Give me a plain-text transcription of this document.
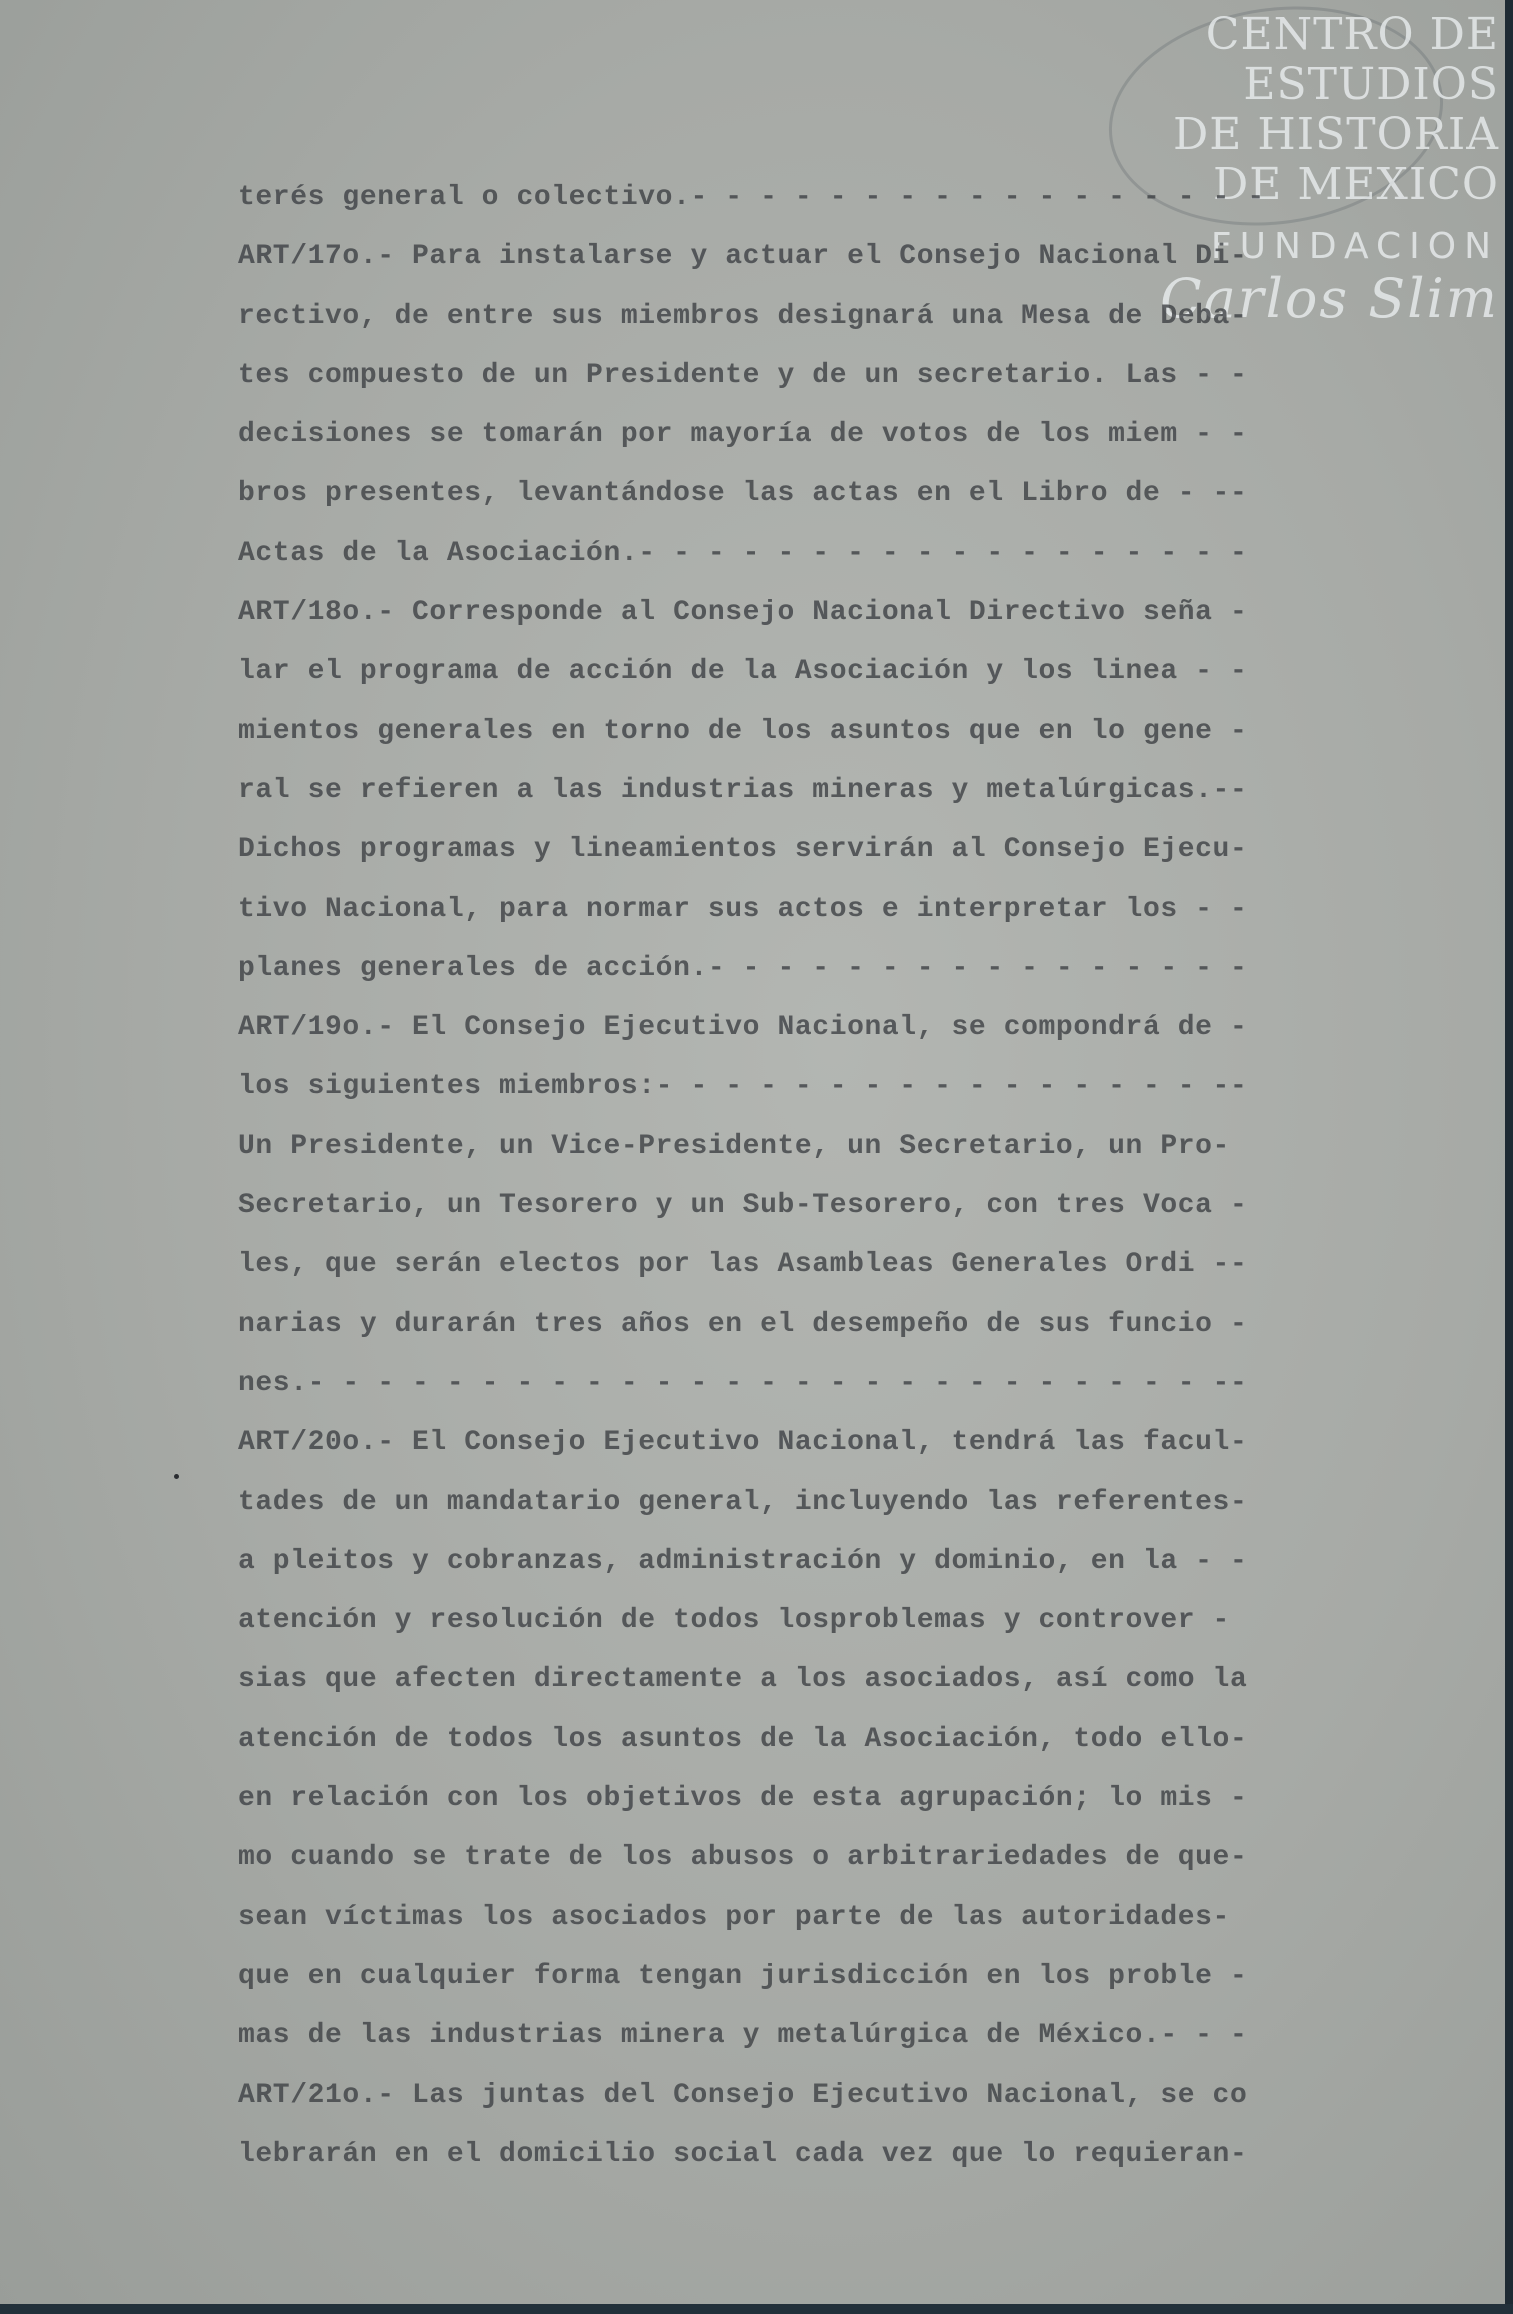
CENTRO DE
ESTUDIOS
DE HISTORIA
DE MEXICO
FUNDACION
Carlos Slim
terés general o colectivo.- - - - - - - - - - - - - - - - -
ART/17o.- Para instalarse y actuar el Consejo Nacional Di-
rectivo, de entre sus miembros designará una Mesa de Deba-
tes compuesto de un Presidente y de un secretario. Las - -
decisiones se tomarán por mayoría de votos de los miem - -
bros presentes, levantándose las actas en el Libro de - --
Actas de la Asociación.- - - - - - - - - - - - - - - - - -
ART/18o.- Corresponde al Consejo Nacional Directivo seña -
lar el programa de acción de la Asociación y los linea - -
mientos generales en torno de los asuntos que en lo gene -
ral se refieren a las industrias mineras y metalúrgicas.--
Dichos programas y lineamientos servirán al Consejo Ejecu-
tivo Nacional, para normar sus actos e interpretar los - -
planes generales de acción.- - - - - - - - - - - - - - - -
ART/19o.- El Consejo Ejecutivo Nacional, se compondrá de -
los siguientes miembros:- - - - - - - - - - - - - - - - --
Un Presidente, un Vice-Presidente, un Secretario, un Pro-
Secretario, un Tesorero y un Sub-Tesorero, con tres Voca -
les, que serán electos por las Asambleas Generales Ordi --
narias y durarán tres años en el desempeño de sus funcio -
nes.- - - - - - - - - - - - - - - - - - - - - - - - - - --
ART/20o.- El Consejo Ejecutivo Nacional, tendrá las facul-
tades de un mandatario general, incluyendo las referentes-
a pleitos y cobranzas, administración y dominio, en la - -
atención y resolución de todos losproblemas y controver -
sias que afecten directamente a los asociados, así como la
atención de todos los asuntos de la Asociación, todo ello-
en relación con los objetivos de esta agrupación; lo mis -
mo cuando se trate de los abusos o arbitrariedades de que-
sean víctimas los asociados por parte de las autoridades-
que en cualquier forma tengan jurisdicción en los proble -
mas de las industrias minera y metalúrgica de México.- - -
ART/21o.- Las juntas del Consejo Ejecutivo Nacional, se co
lebrarán en el domicilio social cada vez que lo requieran-
